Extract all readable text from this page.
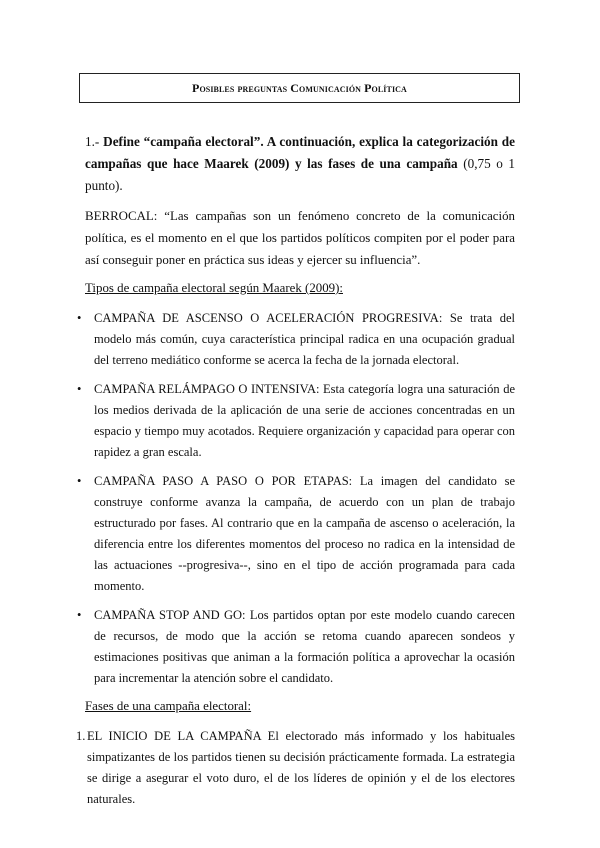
Posibles preguntas Comunicación Política

1.- Define “campaña electoral”. A continuación, explica la categorización de campañas que hace Maarek (2009) y las fases de una campaña (0,75 o 1 punto).

BERROCAL: “Las campañas son un fenómeno concreto de la comunicación política, es el momento en el que los partidos políticos compiten por el poder para así conseguir poner en práctica sus ideas y ejercer su influencia”.

Tipos de campaña electoral según Maarek (2009):

• CAMPAÑA DE ASCENSO O ACELERACIÓN PROGRESIVA: Se trata del modelo más común, cuya característica principal radica en una ocupación gradual del terreno mediático conforme se acerca la fecha de la jornada electoral.
• CAMPAÑA RELÁMPAGO O INTENSIVA: Esta categoría logra una saturación de los medios derivada de la aplicación de una serie de acciones concentradas en un espacio y tiempo muy acotados. Requiere organización y capacidad para operar con rapidez a gran escala.
• CAMPAÑA PASO A PASO O POR ETAPAS: La imagen del candidato se construye conforme avanza la campaña, de acuerdo con un plan de trabajo estructurado por fases. Al contrario que en la campaña de ascenso o aceleración, la diferencia entre los diferentes momentos del proceso no radica en la intensidad de las actuaciones --progresiva--, sino en el tipo de acción programada para cada momento.
• CAMPAÑA STOP AND GO: Los partidos optan por este modelo cuando carecen de recursos, de modo que la acción se retoma cuando aparecen sondeos y estimaciones positivas que animan a la formación política a aprovechar la ocasión para incrementar la atención sobre el candidato.

Fases de una campaña electoral:

1. EL INICIO DE LA CAMPAÑA El electorado más informado y los habituales simpatizantes de los partidos tienen su decisión prácticamente formada. La estrategia se dirige a asegurar el voto duro, el de los líderes de opinión y el de los electores naturales.
